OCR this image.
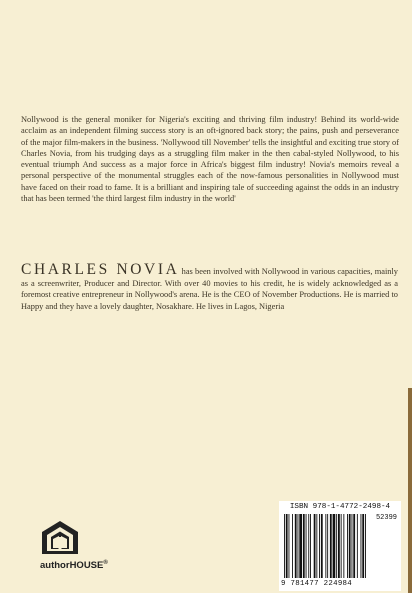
Nollywood is the general moniker for Nigeria's exciting and thriving film industry! Behind its world-wide acclaim as an independent filming success story is an oft-ignored back story; the pains, push and perseverance of the major film-makers in the business. 'Nollywood till November' tells the insightful and exciting true story of Charles Novia, from his trudging days as a struggling film maker in the then cabal-styled Nollywood, to his eventual triumph And success as a major force in Africa's biggest film industry! Novia's memoirs reveal a personal perspective of the monumental struggles each of the now-famous personalities in Nollywood must have faced on their road to fame. It is a brilliant and inspiring tale of succeeding against the odds in an industry that has been termed 'the third largest film industry in the world'

CHARLES NOVIA has been involved with Nollywood in various capacities, mainly as a screenwriter, Producer and Director. With over 40 movies to his credit, he is widely acknowledged as a foremost creative entrepreneur in Nollywood's arena. He is the CEO of November Productions. He is married to Happy and they have a lovely daughter, Nosakhare. He lives in Lagos, Nigeria

authorHOUSE®
ISBN 978-1-4772-2498-4
52399
9 781477 224984
